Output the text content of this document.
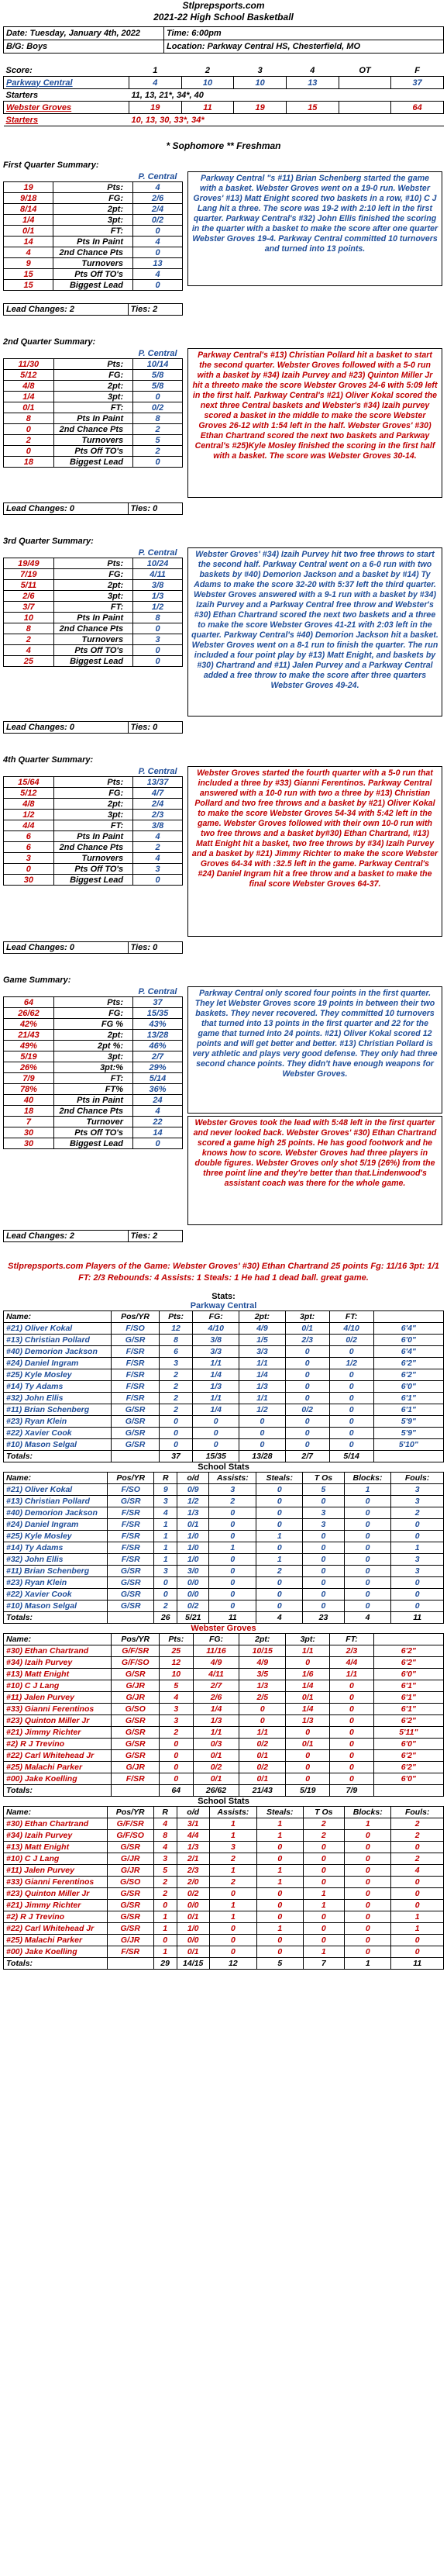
Stlprepsports.com
2021-22 High School Basketball
Date: Tuesday, January 4th, 2022	Time: 6:00pm
B/G: Boys	Location: Parkway Central HS, Chesterfield, MO
Score:	1	2	3	4	OT	F
Parkway Central	4	10	10	13		37
Starters	11, 13, 21*, 34*, 40					
Webster Groves	19	11	19	15		64
Starters	10, 13, 30, 33*, 34*					
* Sophomore ** Freshman
First Quarter Summary:
		P. Central
19	Pts:	4
9/18	FG:	2/6
8/14	2pt:	2/4
1/4	3pt:	0/2
0/1	FT:	0
14	Pts In Paint	4
4	2nd Chance Pts	0
9	Turnovers	13
15	Pts Off TO's	4
15	Biggest Lead	0
Parkway Central "s #11) Brian Schenberg started the game with a basket. Webster Groves went on a 19-0 run. Webster Groves' #13) Matt Enight scored two baskets in a row, #10) C J Lang hit a three. The score was 19-2 with 2:10 left in the first quarter. Parkway Central's #32) John Ellis finished the scoring in the quarter with a basket to make the score after one quarter Webster Groves 19-4. Parkway Central committed 10 turnovers and turned into 13 points.
Lead Changes: 2	Ties: 2
2nd Quarter Summary:
		P. Central
11/30	Pts:	10/14
5/12	FG:	5/8
4/8	2pt:	5/8
1/4	3pt:	0
0/1	FT:	0/2
8	Pts In Paint	8
0	2nd Chance Pts	2
2	Turnovers	5
0	Pts Off TO's	2
18	Biggest Lead	0
Parkway Central's #13) Christian Pollard hit a basket to start the second quarter. Webster Groves followed with a 5-0 run with a basket by #34) Izaih Purvey and #23) Quinton Miller Jr hit a threeto make the score Webster Groves 24-6 with 5:09 left in the first half. Parkway Central's #21) Oliver Kokal scored the next three Central baskets and Webster's #34) Izaih purvey scored a basket in the middle to make the score Webster Groves 26-12 with 1:54 left in the half. Webster Groves' #30) Ethan Chartrand scored the next two baskets and Parkway Central's #25)Kyle Mosley finished the scoring in the first half with a basket. The score was Webster Groves 30-14.
Lead Changes: 0	Ties: 0
3rd Quarter Summary:
		P. Central
19/49	Pts:	10/24
7/19	FG:	4/11
5/11	2pt:	3/8
2/6	3pt:	1/3
3/7	FT:	1/2
10	Pts In Paint	8
8	2nd Chance Pts	0
2	Turnovers	3
4	Pts Off TO's	0
25	Biggest Lead	0
Webster Groves' #34) Izaih Purvey hit two free throws to start the second half. Parkway Central went on a 6-0 run with two baskets by #40) Demorion Jackson and a basket by #14) Ty Adams to make the score 32-20 with 5:37 left the third quarter. Webster Groves answered with a 9-1 run with a basket by #34) Izaih Purvey and a Parkway Central free throw and Webster's #30) Ethan Chartrand scored the next two baskets and a three to make the score Webster Groves 41-21 with 2:03 left in the quarter. Parkway Central's #40) Demorion Jackson hit a basket. Webster Groves went on a 8-1 run to finish the quarter. The run included a four point play by #13) Matt Enight, and baskets by #30) Chartrand and #11) Jalen Purvey and a Parkway Central added a free throw to make the score after three quarters Webster Groves 49-24.
Lead Changes: 0	Ties: 0
4th Quarter Summary:
		P. Central
15/64	Pts:	13/37
5/12	FG:	4/7
4/8	2pt:	2/4
1/2	3pt:	2/3
4/4	FT:	3/8
6	Pts In Paint	4
6	2nd Chance Pts	2
3	Turnovers	4
0	Pts Off TO's	3
30	Biggest Lead	0
Webster Groves started the fourth quarter with a 5-0 run that included a three by #33) Gianni Ferentinos. Parkway Central answered with a 10-0 run with two a three by #13) Christian Pollard and two free throws and a basket by #21) Oliver Kokal to make the score Webster Groves 54-34 with 5:42 left in the game. Webster Groves followed with their own 10-0 run with two free throws and a basket by#30) Ethan Chartrand, #13) Matt Enight hit a basket, two free throws by #34) Izaih Purvey and a basket by #21) Jimmy Richter to make the score Webster Groves 64-34 with :32.5 left in the game. Parkway Central's #24) Daniel Ingram hit a free throw and a basket to make the final score Webster Groves 64-37.
Lead Changes: 0	Ties: 0
Game Summary:
		P. Central
64	Pts:	37
26/62	FG:	15/35
42%	FG %	43%
21/43	2pt:	13/28
49%	2pt %:	46%
5/19	3pt:	2/7
26%	3pt:%	29%
7/9	FT:	5/14
78%	FT%	36%
40	Pts in Paint	24
18	2nd Chance Pts	4
7	Turnover	22
30	Pts Off TO's	14
30	Biggest Lead	0
Parkway Central only scored four points in the first quarter. They let Webster Groves score 19 points in between their two baskets. They never recovered. They committed 10 turnovers that turned into 13 points in the first quarter and 22 for the game that turned into 24 points. #21) Oliver Kokal scored 12 points and will get better and better. #13) Christian Pollard is very athletic and plays very good defense. They only had three second chance points. They didn't have enough weapons for Webster Groves.
Webster Groves took the lead with 5:48 left in the first quarter and never looked back. Webster Groves' #30) Ethan Chartrand scored a game high 25 points. He has good footwork and he knows how to score. Webster Groves had three players in double figures. Webster Groves only shot 5/19 (26%) from the three point line and they're better than that.Lindenwood's assistant coach was there for the whole game.
Lead Changes: 2	Ties: 2
Stlprepsports.com Players of the Game: Webster Groves' #30) Ethan Chartrand 25 points Fg: 11/16 3pt: 1/1 FT: 2/3 Rebounds: 4 Assists: 1 Steals: 1 He had 1 dead ball. great game.
Stats:
Parkway Central
Name:	Pos/YR	Pts:	FG:	2pt:	3pt:	FT:	
#21) Oliver Kokal	F/SO	12	4/10	4/9	0/1	4/10	6'4"
#13) Christian Pollard	G/SR	8	3/8	1/5	2/3	0/2	6'0"
#40) Demorion Jackson	F/SR	6	3/3	3/3	0	0	6'4"
#24) Daniel Ingram	F/SR	3	1/1	1/1	0	1/2	6'2"
#25) Kyle Mosley	F/SR	2	1/4	1/4	0	0	6'2"
#14) Ty Adams	F/SR	2	1/3	1/3	0	0	6'0"
#32) John Ellis	F/SR	2	1/1	1/1	0	0	6'1"
#11) Brian Schenberg	G/SR	2	1/4	1/2	0/2	0	6'1"
#23) Ryan Klein	G/SR	0	0	0	0	0	5'9"
#22) Xavier Cook	G/SR	0	0	0	0	0	5'9"
#10) Mason Selgal	G/SR	0	0	0	0	0	5'10"
Totals:		37	15/35	13/28	2/7	5/14	
School Stats
Name:	Pos/YR	R	o/d	Assists:	Steals:	T Os	Blocks:	Fouls:
#21) Oliver Kokal	F/SO	9	0/9	3	0	5	1	3
#13) Christian Pollard	G/SR	3	1/2	2	0	0	0	3
#40) Demorion Jackson	F/SR	4	1/3	0	0	3	0	2
#24) Daniel Ingram	F/SR	1	0/1	0	0	3	0	0
#25) Kyle Mosley	F/SR	1	1/0	0	1	0	0	0
#14) Ty Adams	F/SR	1	1/0	1	0	0	0	1
#32) John Ellis	F/SR	1	1/0	0	1	0	0	3
#11) Brian Schenberg	G/SR	3	3/0	0	2	0	0	3
#23) Ryan Klein	G/SR	0	0/0	0	0	0	0	0
#22) Xavier Cook	G/SR	0	0/0	0	0	0	0	0
#10) Mason Selgal	G/SR	2	0/2	0	0	0	0	0
Totals:		26	5/21	11	4	23	4	11
Webster Groves
Name:	Pos/YR	Pts:	FG:	2pt:	3pt:	FT:	
#30) Ethan Chartrand	G/F/SR	25	11/16	10/15	1/1	2/3	6'2"
#34) Izaih Purvey	G/F/SO	12	4/9	4/9	0	4/4	6'2"
#13) Matt Enight	G/SR	10	4/11	3/5	1/6	1/1	6'0"
#10) C J Lang	G/JR	5	2/7	1/3	1/4	0	6'1"
#11) Jalen Purvey	G/JR	4	2/6	2/5	0/1	0	6'1"
#33) Gianni Ferentinos	G/SO	3	1/4	0	1/4	0	6'1"
#23) Quinton Miller Jr	G/SR	3	1/3	0	1/3	0	6'2"
#21) Jimmy Richter	G/SR	2	1/1	1/1	0	0	5'11"
#2) R J Trevino	G/SR	0	0/3	0/2	0/1	0	6'0"
#22) Carl Whitehead Jr	G/SR	0	0/1	0/1	0	0	6'2"
#25) Malachi Parker	G/JR	0	0/2	0/2	0	0	6'2"
#00) Jake Koelling	F/SR	0	0/1	0/1	0	0	6'0"
Totals:		64	26/62	21/43	5/19	7/9	
School Stats
Name:	Pos/YR	R	o/d	Assists:	Steals:	T Os	Blocks:	Fouls:
#30) Ethan Chartrand	G/F/SR	4	3/1	1	1	2	1	2
#34) Izaih Purvey	G/F/SO	8	4/4	1	1	2	0	2
#13) Matt Enight	G/SR	4	1/3	3	0	0	0	0
#10) C J Lang	G/JR	3	2/1	2	0	0	0	2
#11) Jalen Purvey	G/JR	5	2/3	1	1	0	0	4
#33) Gianni Ferentinos	G/SO	2	2/0	2	1	0	0	0
#23) Quinton Miller Jr	G/SR	2	0/2	0	0	1	0	0
#21) Jimmy Richter	G/SR	0	0/0	1	0	1	0	0
#2) R J Trevino	G/SR	1	0/1	1	0	0	0	1
#22) Carl Whitehead Jr	G/SR	1	1/0	0	1	0	0	1
#25) Malachi Parker	G/JR	0	0/0	0	0	0	0	0
#00) Jake Koelling	F/SR	1	0/1	0	0	1	0	0
Totals:		29	14/15	12	5	7	1	11
